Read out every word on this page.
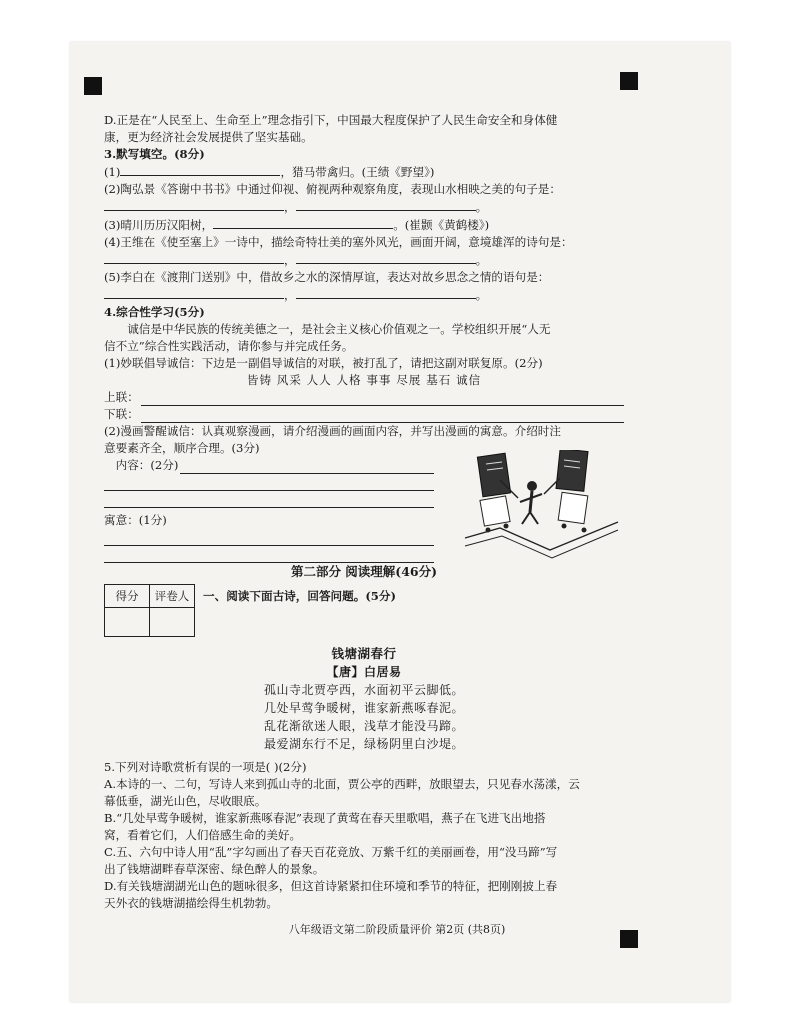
D.正是在“人民至上、生命至上”理念指引下，中国最大程度保护了人民生命安全和身体健

康，更为经济社会发展提供了坚实基础。

3.默写填空。(8分)

(1)	，猎马带禽归。(王绩《野望》)

(2)陶弘景《答谢中书书》中通过仰视、俯视两种观察角度，表现山水相映之美的句子是：

，	。

(3)晴川历历汉阳树，	。(崔颢《黄鹤楼》)

(4)王维在《使至塞上》一诗中，描绘奇特壮美的塞外风光，画面开阔，意境雄浑的诗句是：

，	。

(5)李白在《渡荆门送别》中，借故乡之水的深情厚谊，表达对故乡思念之情的语句是：

，	。

4.综合性学习(5分)

诚信是中华民族的传统美德之一，是社会主义核心价值观之一。学校组织开展“人无

信不立”综合性实践活动，请你参与并完成任务。

(1)妙联倡导诚信：下边是一副倡导诚信的对联，被打乱了，请把这副对联复原。(2分)

皆铸 风采 人人 人格 事事 尽展 基石 诚信

上联：
下联：

(2)漫画警醒诚信：认真观察漫画，请介绍漫画的画面内容，并写出漫画的寓意。介绍时注

意要素齐全，顺序合理。(3分)

内容：(2分)

寓意：(1分)

第二部分 阅读理解(46分)

得分	评卷人
	一、阅读下面古诗，回答问题。(5分)

钱塘湖春行

【唐】白居易

孤山寺北贾亭西，水面初平云脚低。

几处早莺争暖树，谁家新燕啄春泥。

乱花渐欲迷人眼，浅草才能没马蹄。

最爱湖东行不足，绿杨阴里白沙堤。

5.下列对诗歌赏析有误的一项是( )(2分)

A.本诗的一、二句，写诗人来到孤山寺的北面，贾公亭的西畔，放眼望去，只见春水荡漾，云

幕低垂，湖光山色，尽收眼底。

B.“几处早莺争暖树，谁家新燕啄春泥”表现了黄莺在春天里歌唱，燕子在飞进飞出地搭

窝，看着它们，人们倍感生命的美好。

C.五、六句中诗人用“乱”字勾画出了春天百花竞放、万紫千红的美丽画卷，用“没马蹄”写

出了钱塘湖畔春草深密、绿色醉人的景象。

D.有关钱塘湖湖光山色的题咏很多，但这首诗紧紧扣住环境和季节的特征，把刚刚披上春

天外衣的钱塘湖描绘得生机勃勃。

八年级语文第二阶段质量评价 第2页 (共8页)
